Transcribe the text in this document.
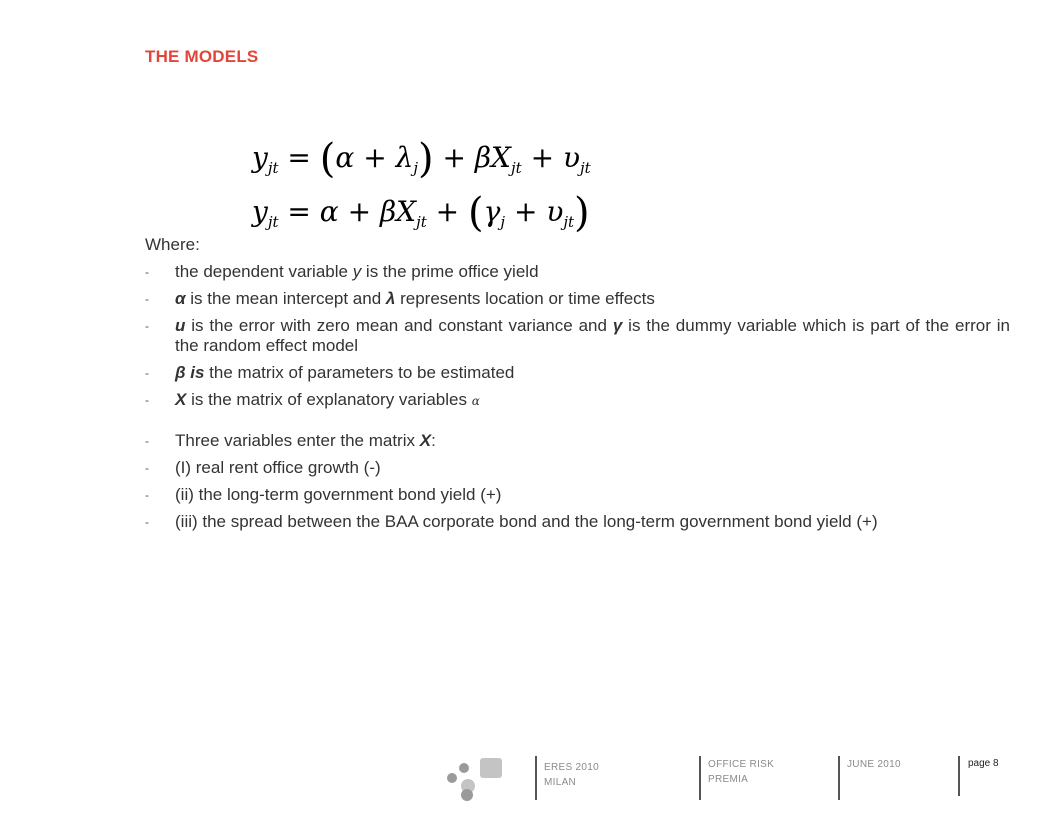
THE MODELS
$y_{jt} = (\alpha + \lambda_j) + \beta X_{jt} + \upsilon_{jt}$
$y_{jt} = \alpha + \beta X_{jt} + (\gamma_j + \upsilon_{jt})$
Where:
- the dependent variable y is the prime office yield
- α is the mean intercept and λ represents location or time effects
- u is the error with zero mean and constant variance and γ is the dummy variable which is part of the error in the random effect model
- β is the matrix of parameters to be estimated
- X is the matrix of explanatory variables α
- Three variables enter the matrix X:
- (I) real rent office growth (-)
- (ii) the long-term government bond yield (+)
- (iii) the spread between the BAA corporate bond and the long-term government bond yield (+)
ERES 2010
MILAN
OFFICE RISK
PREMIA
JUNE 2010	page 8
